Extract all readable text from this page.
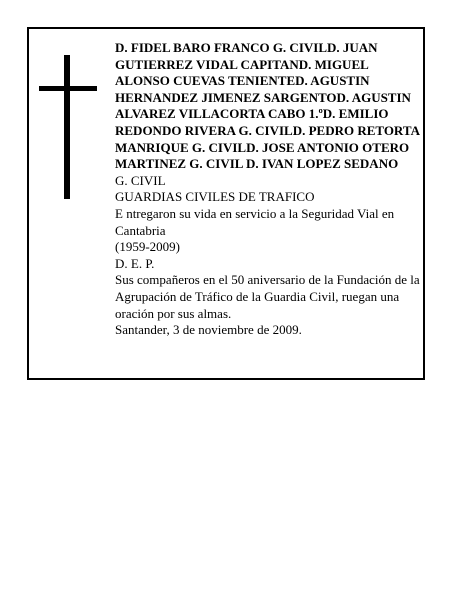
D. FIDEL BARO FRANCO G. CIVILD. JUAN GUTIERREZ VIDAL CAPITAND. MIGUEL ALONSO CUEVAS TENIENTED. AGUSTIN HERNANDEZ JIMENEZ SARGENTOD. AGUSTIN ALVAREZ VILLACORTA CABO 1.ºD. EMILIO REDONDO RIVERA G. CIVILD. PEDRO RETORTA MANRIQUE G. CIVILD. JOSE ANTONIO OTERO MARTINEZ G. CIVIL D. IVAN LOPEZ SEDANO

G. CIVIL

GUARDIAS CIVILES DE TRAFICO

E ntregaron su vida en servicio a la Seguridad Vial en Cantabria

(1959-2009)

D. E. P.

Sus compañeros en el 50 aniversario de la Fundación de la Agrupación de Tráfico de la Guardia Civil, ruegan una oración por sus almas.

Santander, 3 de noviembre de 2009.
